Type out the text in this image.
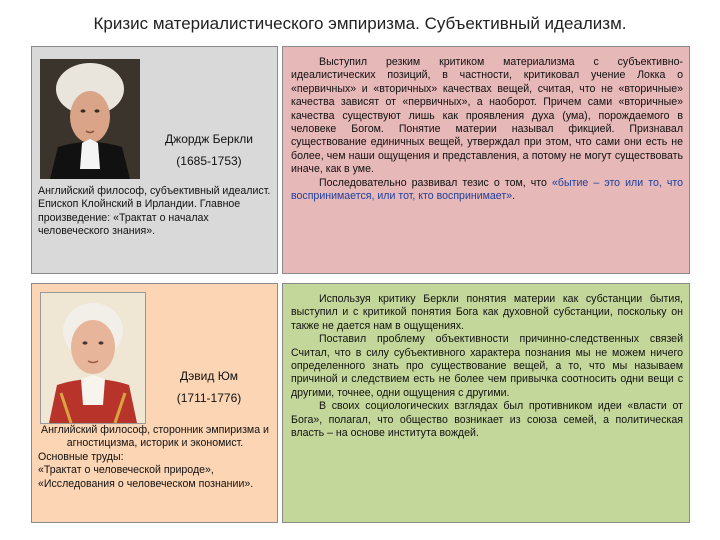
Кризис материалистического эмпиризма. Субъективный идеализм.
Джордж Беркли
(1685-1753)
Английский философ, субъективный идеалист. Епископ Клойнский в Ирландии. Главное произведение: «Трактат о началах человеческого знания».

Выступил резким критиком материализма с субъективно-идеалистических позиций, в частности, критиковал учение Локка о «первичных» и «вторичных» качествах вещей, считая, что не «вторичные» качества зависят от «первичных», а наоборот. Причем сами «вторичные» качества существуют лишь как проявления духа (ума), порождаемого в человеке Богом. Понятие материи называл фикцией. Признавал существование единичных вещей, утверждал при этом, что сами они есть не более, чем наши ощущения и представления, а потому не могут существовать иначе, как в уме.

Последовательно развивал тезис о том, что «бытие – это или то, что воспринимается, или тот, кто воспринимает».

Дэвид Юм
(1711-1776)
Английский философ, сторонник эмпиризма и агностицизма, историк и экономист.
Основные труды:
«Трактат о человеческой природе», «Исследования о человеческом познании».

Используя критику Беркли понятия материи как субстанции бытия, выступил и с критикой понятия Бога как духовной субстанции, поскольку он также не дается нам в ощущениях.

Поставил проблему объективности причинно-следственных связей Считал, что в силу субъективного характера познания мы не можем ничего определенного знать про существование вещей, а то, что мы называем причиной и следствием есть не более чем привычка соотносить одни вещи с другими, точнее, одни ощущения с другими.

В своих социологических взглядах был противником идеи «власти от Бога», полагал, что общество возникает из союза семей, а политическая власть – на основе института вождей.
